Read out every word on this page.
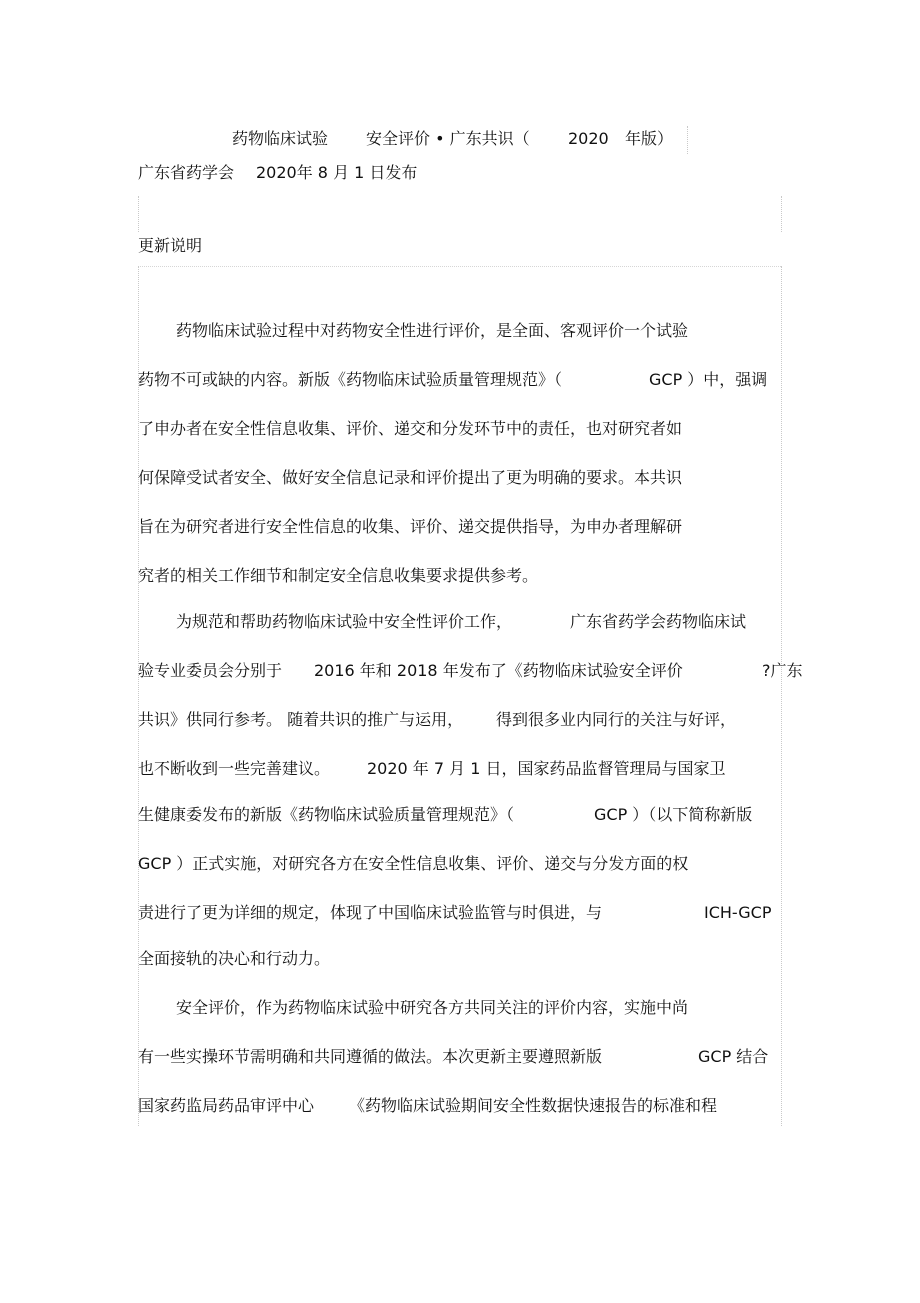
药物临床试验 安全评价 • 广东共识（ 2020 年版）
广东省药学会 2020年 8 月 1 日发布
更新说明
药物临床试验过程中对药物安全性进行评价，是全面、客观评价一个试验
药物不可或缺的内容。新版《药物临床试验质量管理规范》（	GCP ）中，强调
了申办者在安全性信息收集、评价、递交和分发环节中的责任，也对研究者如
何保障受试者安全、做好安全信息记录和评价提出了更为明确的要求。本共识
旨在为研究者进行安全性信息的收集、评价、递交提供指导，为申办者理解研
究者的相关工作细节和制定安全信息收集要求提供参考。
为规范和帮助药物临床试验中安全性评价工作，	广东省药学会药物临床试
验专业委员会分别于 2016 年和 2018 年发布了《药物临床试验安全评价	?广东
共识》供同行参考。 随着共识的推广与运用， 得到很多业内同行的关注与好评，
也不断收到一些完善建议。 2020 年 7 月 1 日，国家药品监督管理局与国家卫
生健康委发布的新版《药物临床试验质量管理规范》（	GCP ）（以下简称新版
GCP ）正式实施，对研究各方在安全性信息收集、评价、递交与分发方面的权
责进行了更为详细的规定，体现了中国临床试验监管与时俱进，与	ICH-GCP
全面接轨的决心和行动力。
安全评价，作为药物临床试验中研究各方共同关注的评价内容，实施中尚
有一些实操环节需明确和共同遵循的做法。本次更新主要遵照新版	GCP 结合
国家药监局药品审评中心 《药物临床试验期间安全性数据快速报告的标准和程
